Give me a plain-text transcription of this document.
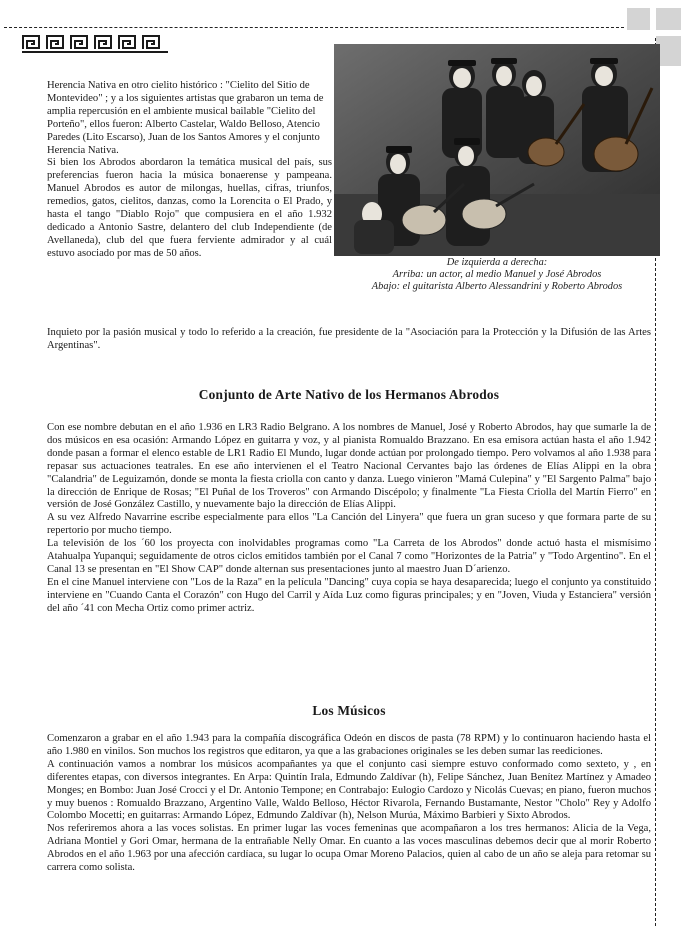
De izquierda a derecha:
Arriba: un actor, al medio Manuel y José Abrodos
Abajo: el guitarista Alberto Alessandrini y Roberto Abrodos

Herencia Nativa en otro cielito histórico : "Cielito del Sitio de Montevideo" ; y a los siguientes artistas que grabaron un tema de amplia repercusión en el ambiente musical bailable "Cielito del Porteño", ellos fueron: Alberto Castelar, Waldo Belloso, Atencio Paredes (Lito Escarso), Juan de los Santos Amores y el conjunto Herencia Nativa.

Si bien los Abrodos abordaron la temática musical del país, sus preferencias fueron hacia la música bonaerense y pampeana. Manuel Abrodos es autor de milongas, huellas, cifras, triunfos, remedios, gatos, cielitos, danzas, como la Lorencita o El Prado, y hasta el tango "Diablo Rojo" que compusiera en el año 1.932 dedicado a Antonio Sastre, delantero del club Independiente (de Avellaneda), club del que fuera ferviente admirador y al cuál estuvo asociado por mas de 50 años.

Inquieto por la pasión musical y todo lo referido a la creación, fue presidente de la "Asociación para la Protección y la Difusión de las Artes Argentinas".

Conjunto de Arte Nativo de los Hermanos Abrodos

Con ese nombre debutan en el año 1.936 en LR3 Radio Belgrano. A los nombres de Manuel, José y Roberto Abrodos, hay que sumarle la de dos músicos en esa ocasión: Armando López en guitarra y voz, y al pianista Romualdo Brazzano. En esa emisora actúan hasta el año 1.942 donde pasan a formar el elenco estable de LR1 Radio El Mundo, lugar donde actúan por prolongado tiempo. Pero volvamos al año 1.938 para repasar sus actuaciones teatrales. En ese año intervienen el el Teatro Nacional Cervantes bajo las órdenes de Elías Alippi en la obra "Calandria" de Leguizamón, donde se monta la fiesta criolla con canto y danza. Luego vinieron "Mamá Culepina" y "El Sargento Palma" bajo la dirección de Enrique de Rosas; "El Puñal de los Troveros" con Armando Discépolo; y finalmente "La Fiesta Criolla del Martín Fierro" en versión de José González Castillo, y nuevamente bajo la dirección de Elías Alippi.

A su vez Alfredo Navarrine escribe especialmente para ellos "La Canción del Linyera" que fuera un gran suceso y que formara parte de su repertorio por mucho tiempo.

La televisión de los ´60 los proyecta con inolvidables programas como "La Carreta de los Abrodos" donde actuó hasta el mismísimo Atahualpa Yupanqui; seguidamente de otros ciclos emitidos también por el Canal 7 como "Horizontes de la Patria" y "Todo Argentino". En el Canal 13 se presentan en "El Show CAP" donde alternan sus presentaciones junto al maestro Juan D´arienzo.

En el cine Manuel interviene con "Los de la Raza" en la película "Dancing" cuya copia se haya desaparecida; luego el conjunto ya constituido interviene en "Cuando Canta el Corazón" con Hugo del Carril y Aída Luz como figuras principales; y en "Joven, Viuda y Estanciera" versión del año ´41 con Mecha Ortiz como primer actriz.

Los Músicos

Comenzaron a grabar en el año 1.943 para la compañía discográfica Odeón en discos de pasta (78 RPM) y lo continuaron haciendo hasta el año 1.980 en vinilos. Son muchos los registros que editaron, ya que a las grabaciones originales se les deben sumar las reediciones.

A continuación vamos a nombrar los músicos acompañantes ya que el conjunto casi siempre estuvo conformado como sexteto, y , en diferentes etapas, con diversos integrantes. En Arpa: Quintín Irala, Edmundo Zaldívar (h), Felipe Sánchez, Juan Benítez Martínez y Amadeo Monges; en Bombo: Juan José Crocci y el Dr. Antonio Tempone; en Contrabajo: Eulogio Cardozo y Nicolás Cuevas; en piano, fueron muchos y muy buenos : Romualdo Brazzano, Argentino Valle, Waldo Belloso, Héctor Rivarola, Fernando Bustamante, Nestor "Cholo" Rey y Adolfo Colombo Mocetti; en guitarras: Armando López, Edmundo Zaldívar (h), Nelson Murúa, Máximo Barbieri y Sixto Abrodos.

Nos referiremos ahora a las voces solistas. En primer lugar las voces femeninas que acompañaron a los tres hermanos: Alicia de la Vega, Adriana Montiel y Gori Omar, hermana de la entrañable Nelly Omar. En cuanto a las voces masculinas debemos decir que al morir Roberto Abrodos en el año 1.963 por una afección cardíaca, su lugar lo ocupa Omar Moreno Palacios, quien al cabo de un año se aleja para retomar su carrera como solista.
